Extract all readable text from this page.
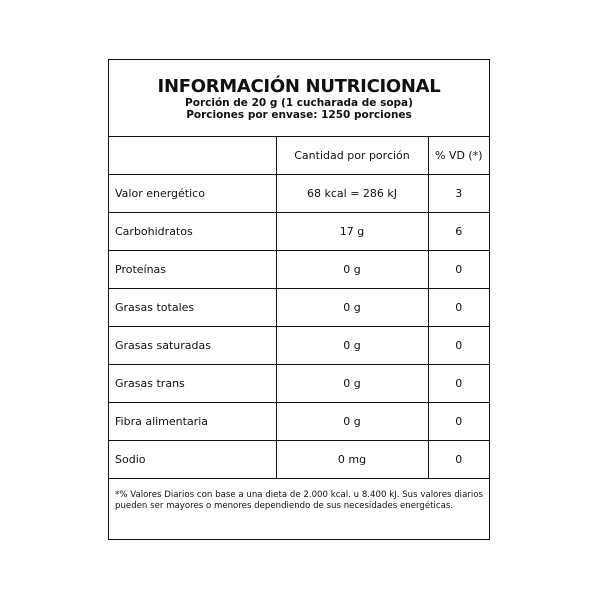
INFORMACIÓN NUTRICIONAL
Porción de 20 g (1 cucharada de sopa)
Porciones por envase: 1250 porciones
	Cantidad por porción	% VD (*)
Valor energético	68 kcal = 286 kJ	3
Carbohidratos	17 g	6
Proteínas	0 g	0
Grasas totales	0 g	0
Grasas saturadas	0 g	0
Grasas trans	0 g	0
Fibra alimentaria	0 g	0
Sodio	0 mg	0
*% Valores Diarios con base a una dieta de 2.000 kcal. u 8.400 kJ. Sus valores diarios pueden ser mayores o menores dependiendo de sus necesidades energéticas.
